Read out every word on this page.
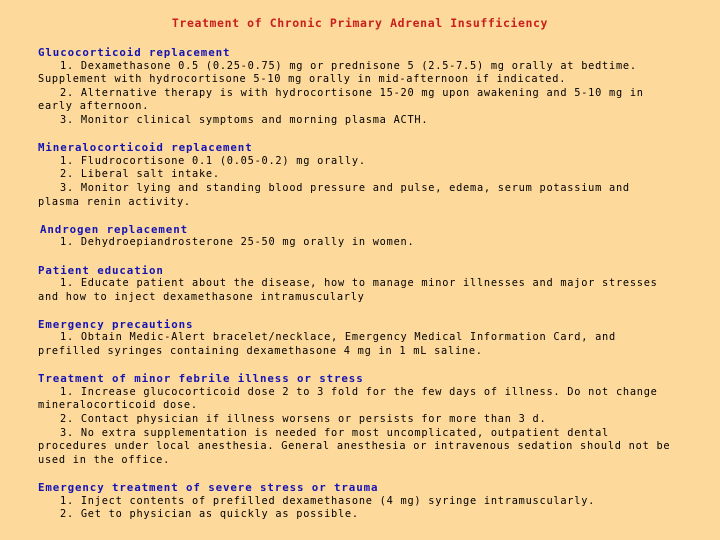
Treatment of Chronic Primary Adrenal Insufficiency
Glucocorticoid replacement
1. Dexamethasone 0.5 (0.25-0.75) mg or prednisone 5 (2.5-7.5) mg orally at bedtime. Supplement with hydrocortisone 5-10 mg orally in mid-afternoon if indicated.
2. Alternative therapy is with hydrocortisone 15-20 mg upon awakening and 5-10 mg in early afternoon.
3. Monitor clinical symptoms and morning plasma ACTH.
Mineralocorticoid replacement
1. Fludrocortisone 0.1 (0.05-0.2) mg orally.
2. Liberal salt intake.
3. Monitor lying and standing blood pressure and pulse, edema, serum potassium and plasma renin activity.
Androgen replacement
1. Dehydroepiandrosterone 25-50 mg orally in women.
Patient education
1. Educate patient about the disease, how to manage minor illnesses and major stresses and how to inject dexamethasone intramuscularly
Emergency precautions
1. Obtain Medic-Alert bracelet/necklace, Emergency Medical Information Card, and prefilled syringes containing dexamethasone 4 mg in 1 mL saline.
Treatment of minor febrile illness or stress
1. Increase glucocorticoid dose 2 to 3 fold for the few days of illness. Do not change mineralocorticoid dose.
2. Contact physician if illness worsens or persists for more than 3 d.
3. No extra supplementation is needed for most uncomplicated, outpatient dental procedures under local anesthesia. General anesthesia or intravenous sedation should not be used in the office.
Emergency treatment of severe stress or trauma
1. Inject contents of prefilled dexamethasone (4 mg) syringe intramuscularly.
2. Get to physician as quickly as possible.
